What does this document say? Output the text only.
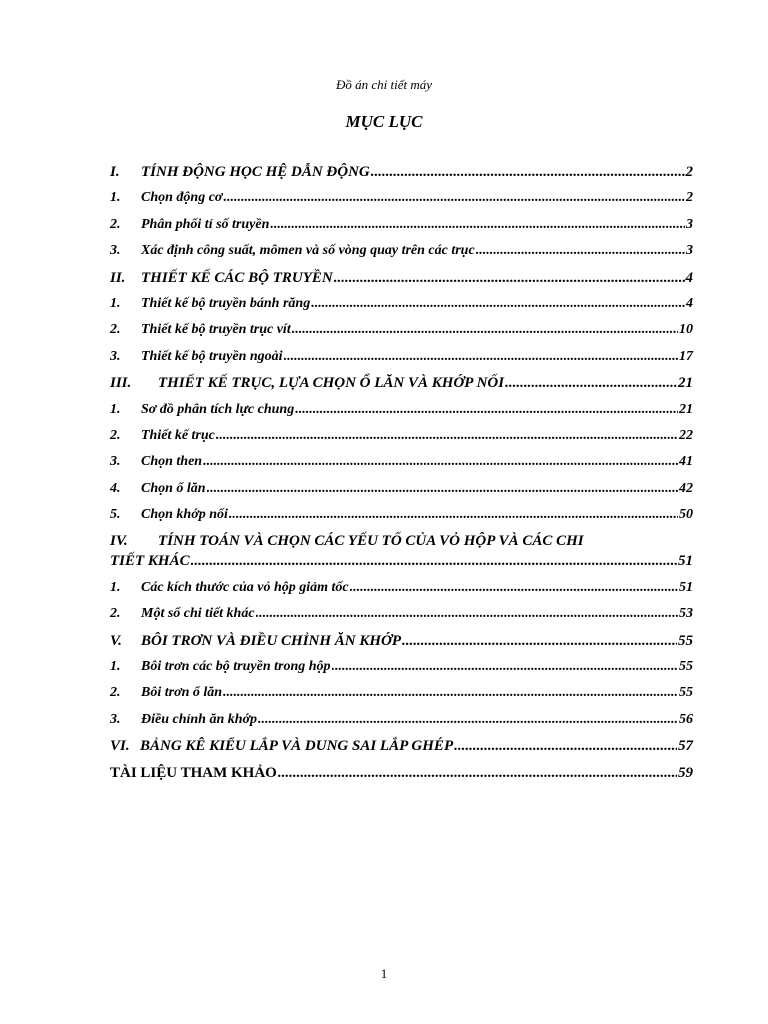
Đồ án chi tiết máy
MỤC LỤC
I.	TÍNH ĐỘNG HỌC HỆ DẪN ĐỘNG .....	2
1.	Chọn động cơ .....	2
2.	Phân phối tỉ số truyền .....	3
3.	Xác định công suất, mômen và số vòng quay trên các trục .....	3
II.	THIẾT KẾ CÁC BỘ TRUYỀN .....	4
1.	Thiết kế bộ truyền bánh răng .....	4
2.	Thiết kế bộ truyền trục vít .....	10
3.	Thiết kế bộ truyền ngoài .....	17
III.	THIẾT KẾ TRỤC, LỰA CHỌN Ổ LĂN VÀ KHỚP NỐI .....	21
1.	Sơ đồ phân tích lực chung .....	21
2.	Thiết kế trục .....	22
3.	Chọn then .....	41
4.	Chọn ổ lăn .....	42
5.	Chọn khớp nối .....	50
IV.	TÍNH TOÁN VÀ CHỌN CÁC YẾU TỐ CỦA VỎ HỘP VÀ CÁC CHI
TIẾT KHÁC .....	51
1.	Các kích thước của vỏ hộp giảm tốc .....	51
2.	Một số chi tiết khác .....	53
V.	BÔI TRƠN VÀ ĐIỀU CHỈNH ĂN KHỚP .....	55
1.	Bôi trơn các bộ truyền trong hộp .....	55
2.	Bôi trơn ổ lăn .....	55
3.	Điều chỉnh ăn khớp .....	56
VI. BẢNG KÊ KIỂU LẮP VÀ DUNG SAI LẮP GHÉP .....	57
TÀI LIỆU THAM KHẢO .....	59
1
